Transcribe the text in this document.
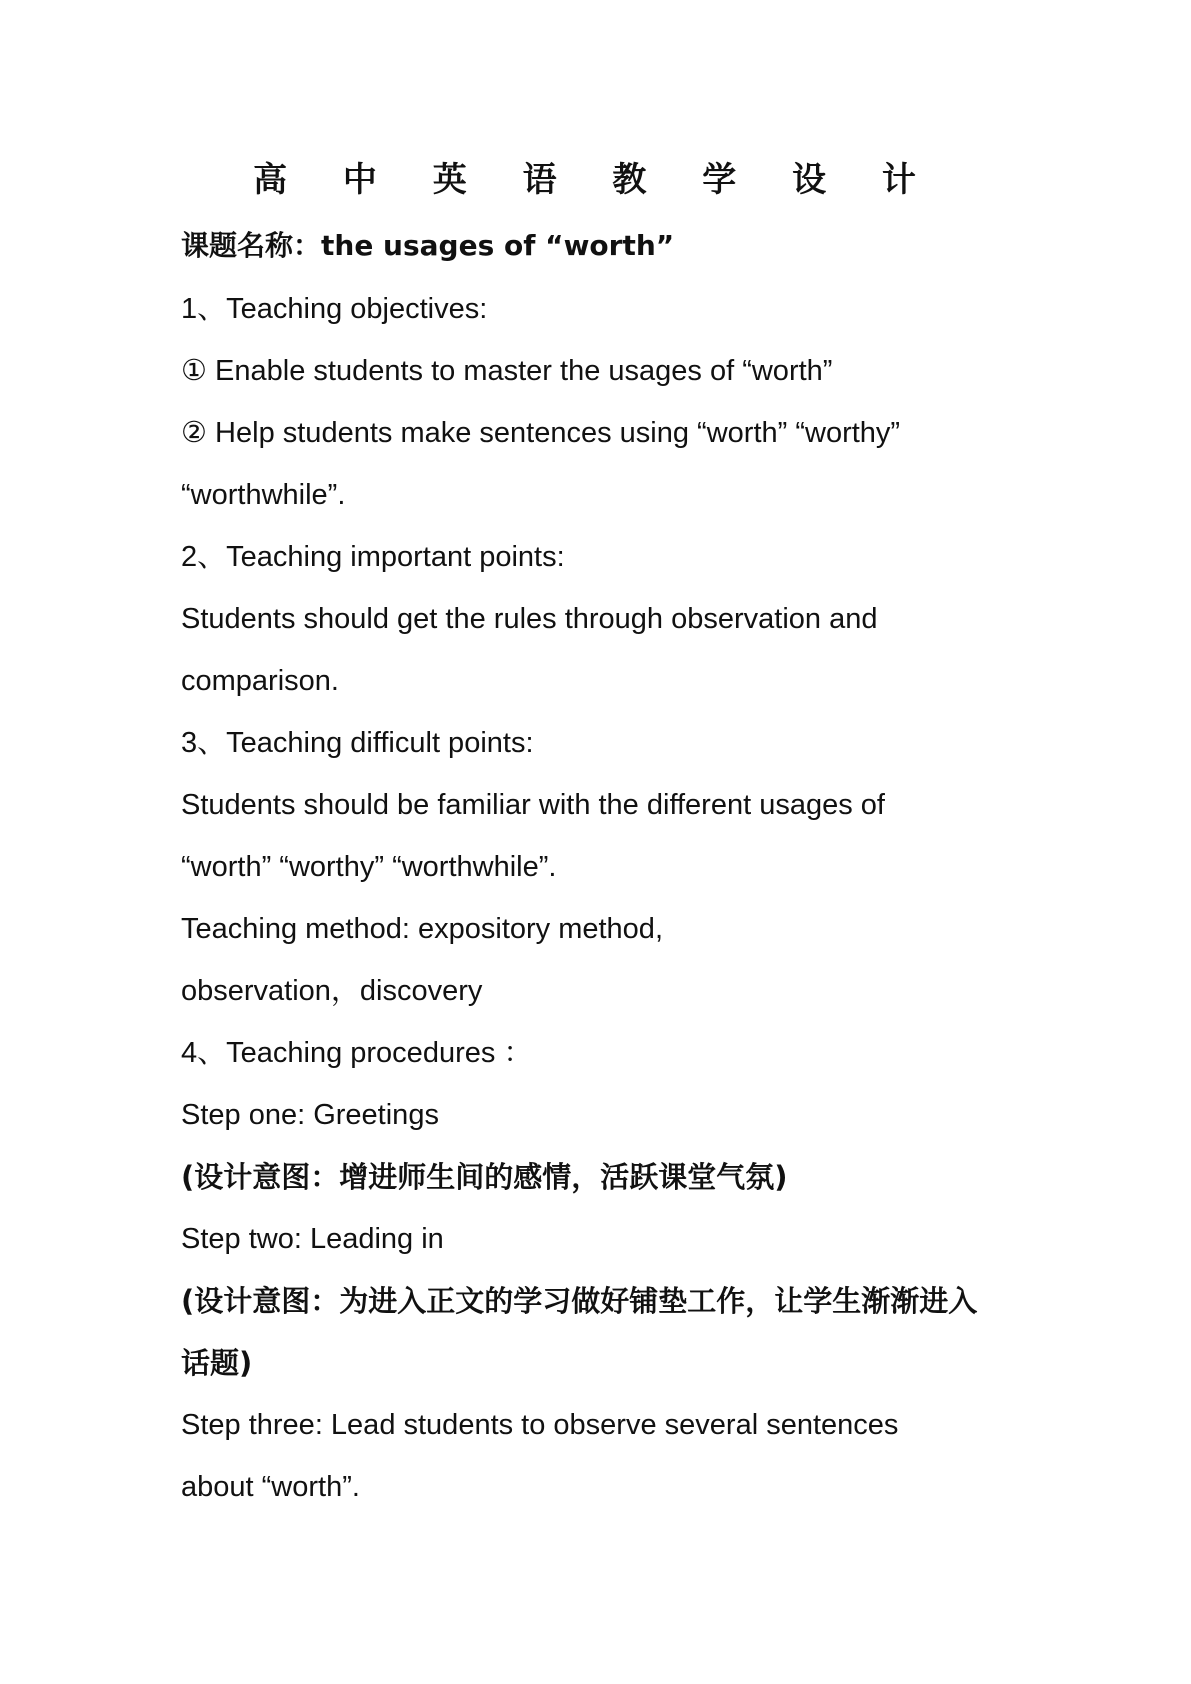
高 中 英 语 教 学 设 计
课题名称：the usages of “worth”
1、Teaching objectives:
① Enable students to master the usages of “worth”
② Help students make sentences using “worth” “worthy”
“worthwhile”.
2、Teaching important points:
Students should get the rules through observation and
comparison.
3、Teaching difficult points:
Students should be familiar with the different usages of
“worth” “worthy” “worthwhile”.
Teaching method: expository method,
observation，discovery
4、Teaching procedures ：
Step one: Greetings
(设计意图：增进师生间的感情，活跃课堂气氛)
Step two: Leading in
(设计意图：为进入正文的学习做好铺垫工作，让学生渐渐进入
话题)
Step three: Lead students to observe several sentences
about “worth”.
